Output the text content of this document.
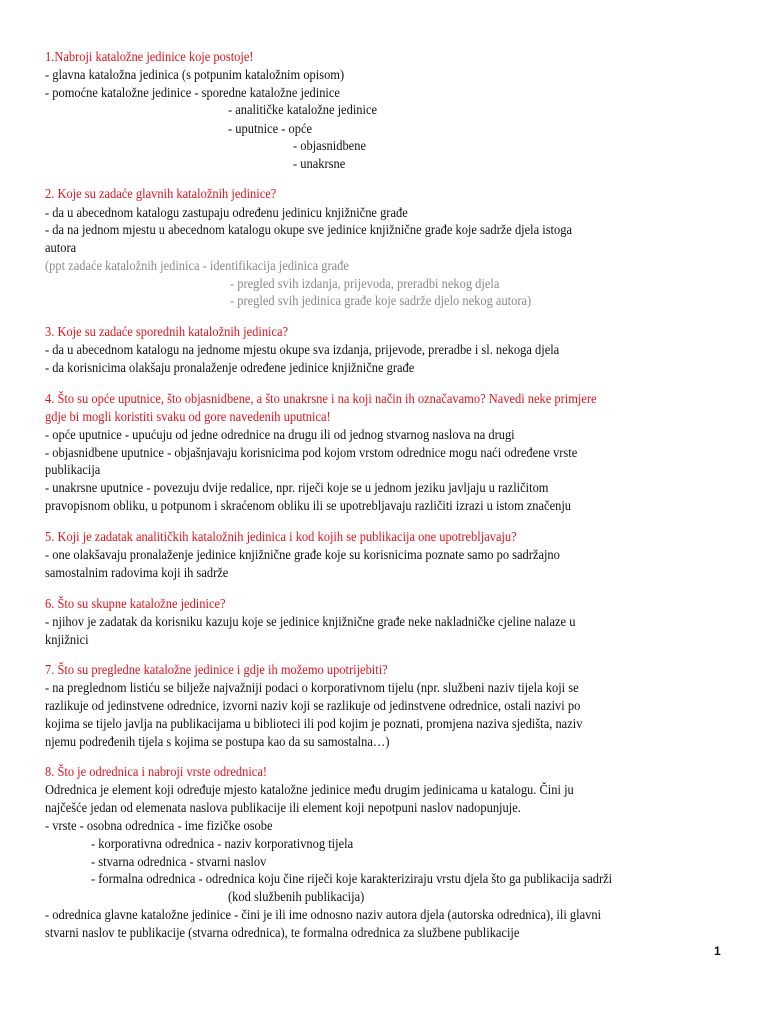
1.Nabroji kataložne jedinice koje postoje!
- glavna kataložna jedinica (s potpunim kataložnim opisom)
- pomoćne kataložne jedinice - sporedne kataložne jedinice
- analitičke kataložne jedinice
- uputnice - opće
- objasnidbene
- unakrsne
2. Koje su zadaće glavnih kataložnih jedinice?
- da u abecednom katalogu zastupaju određenu jedinicu knjižnične građe
- da na jednom mjestu u abecednom katalogu okupe sve jedinice knjižnične građe koje sadrže djela istoga
autora
(ppt zadaće kataložnih jedinica - identifikacija jedinica građe
- pregled svih izdanja, prijevoda, preradbi nekog djela
- pregled svih jedinica građe koje sadrže djelo nekog autora)
3. Koje su zadaće sporednih kataložnih jedinica?
- da u abecednom katalogu na jednome mjestu okupe sva izdanja, prijevode, preradbe i sl. nekoga djela
- da korisnicima olakšaju pronalaženje određene jedinice knjižnične građe
4. Što su opće uputnice, što objasnidbene, a što unakrsne i na koji način ih označavamo? Navedi neke primjere
gdje bi mogli koristiti svaku od gore navedenih uputnica!
- opće uputnice - upućuju od jedne odrednice na drugu ili od jednog stvarnog naslova na drugi
- objasnidbene uputnice - objašnjavaju korisnicima pod kojom vrstom odrednice mogu naći određene vrste
publikacija
- unakrsne uputnice - povezuju dvije redalice, npr. riječi koje se u jednom jeziku javljaju u različitom
pravopisnom obliku, u potpunom i skraćenom obliku ili se upotrebljavaju različiti izrazi u istom značenju
5. Koji je zadatak analitičkih kataložnih jedinica i kod kojih se publikacija one upotrebljavaju?
- one olakšavaju pronalaženje jedinice knjižnične građe koje su korisnicima poznate samo po sadržajno
samostalnim radovima koji ih sadrže
6. Što su skupne kataložne jedinice?
- njihov je zadatak da korisniku kazuju koje se jedinice knjižnične građe neke nakladničke cjeline nalaze u
knjižnici
7. Što su pregledne kataložne jedinice i gdje ih možemo upotrijebiti?
- na preglednom listiću se bilježe najvažniji podaci o korporativnom tijelu (npr. službeni naziv tijela koji se
razlikuje od jedinstvene odrednice, izvorni naziv koji se razlikuje od jedinstvene odrednice, ostali nazivi po
kojima se tijelo javlja na publikacijama u biblioteci ili pod kojim je poznati, promjena naziva sjedišta, naziv
njemu podređenih tijela s kojima se postupa kao da su samostalna…)
8. Što je odrednica i nabroji vrste odrednica!
Odrednica je element koji određuje mjesto kataložne jedinice među drugim jedinicama u katalogu. Čini ju
najčešće jedan od elemenata naslova publikacije ili element koji nepotpuni naslov nadopunjuje.
- vrste - osobna odrednica - ime fizičke osobe
- korporativna odrednica - naziv korporativnog tijela
- stvarna odrednica - stvarni naslov
- formalna odrednica - odrednica koju čine riječi koje karakteriziraju vrstu djela što ga publikacija sadrži
(kod službenih publikacija)
- odrednica glavne kataložne jedinice - čini je ili ime odnosno naziv autora djela (autorska odrednica), ili glavni
stvarni naslov te publikacije (stvarna odrednica), te formalna odrednica za službene publikacije
1
